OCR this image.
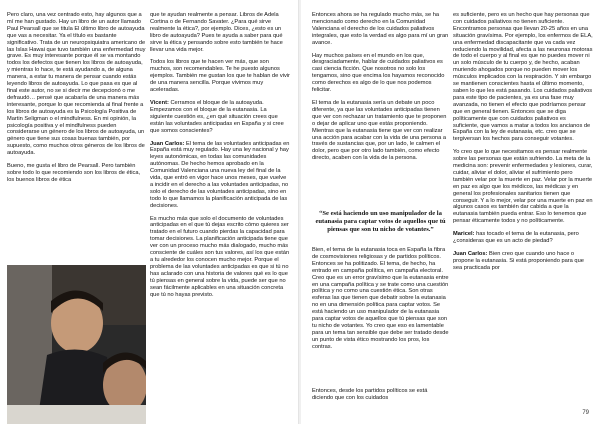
Pero claro, una vez centrado esto, hay algunos que a mí me han gustado. Hay un libro de un autor llamado Paul Pearsall que se titula El último libro de autoayuda que vas a necesitar. Ya el título es bastante significativo. Trata de un neuropsiquiatra americano de las Islas Hawai que tuvo también una enfermedad muy grave. Es muy interesante porque él se va montando todos los defectos que tienen los libros de autoayuda, y mientras lo hace, te está ayudando a, de alguna manera, a estar tu manera de pensar cuando estás leyendo libros de autoayuda. Lo que pasa es que al final este autor, no se si decir me decepcionó o me defraudó… pensé que acabaría de una manera más interesante, porque lo que recomienda al final frente a los libros de autoayuda es la Psicología Positiva de Martin Seligman o el mindfulness. En mi opinión, la psicología positiva y el mindfulness pueden considerarse un género de los libros de autoayuda, un género que tiene sus cosas buenas también, por supuesto, como muchos otros géneros de los libros de autoayuda.

Bueno, me gusta el libro de Pearsall. Pero también sobre todo lo que recomiendo son los libros de ética, los buenos libros de ética

que te ayudan realmente a pensar. Libros de Adela Cortina o de Fernando Savater. ¿Para qué sirve realmente la ética?, por ejemplo. Dices, ¿esto es un libro de autoayuda? Pues te ayuda a saber para qué sirve la ética y pensando sobre esto también te hace llevar una vida mejor.

Todos los libros que te hacen ver más, que son muchos, son recomendables. Te he puesto algunos ejemplos. También me gustan los que te hablan de vivir de una manera sencilla. Porque vivimos muy aceleradas.

Vicent: Cerramos el bloque de la autoayuda. Empezamos con el bloque de la eutanasia. La siguiente cuestión es, ¿en qué situación crees que están las voluntades anticipadas en España y si cree que somos conscientes?

Juan Carlos: El tema de las voluntades anticipadas en España está muy regulado. Hay una ley nacional y hay leyes autonómicas, en todas las comunidades autónomas. De hecho hemos aprobado en la Comunidad Valenciana una nueva ley del final de la vida, que entró en vigor hace unos meses, que vuelve a incidir en el derecho a las voluntades anticipadas, no solo el derecho de las voluntades anticipadas, sino en todo lo que llamamos la planificación anticipada de las decisiones.

Es mucho más que solo el documento de voluntades anticipadas en el que tú dejas escrito cómo quieres ser tratado en el futuro cuando pierdas la capacidad para tomar decisiones. La planificación anticipada tiene que ver con un proceso mucho más dialogado, mucho más consciente de cuáles son tus valores, así los que están a tu alrededor los conocen mucho mejor. Porque el problema de las voluntades anticipadas es que si tú no has aclarado con una historia de valores qué es lo que tú piensas en general sobre la vida, puede ser que no sean fácilmente aplicables en una situación concreta que tú no hayas previsto.

Entonces ahora se ha regulado mucho más, se ha mencionado como derecho en la Comunidad Valenciana el derecho de los cuidados paliativos integrales, que esto la verdad es algo para mí un gran avance.

Hay muchos países en el mundo en los que, desgraciadamente, hablar de cuidados paliativos es casi ciencia ficción. Que nosotros no solo los tengamos, sino que encima los hayamos reconocido como derechos es algo de lo que nos podemos felicitar.

El tema de la eutanasia sería un debate un poco diferente, ya que las voluntades anticipadas tienen que ver con rechazar un tratamiento que te proponen o dejar de aplicar uno que estás proponiendo. Mientras que la eutanasia tiene que ver con realizar una acción para acabar con la vida de una persona a través de sustancias que, por un lado, le calmen el dolor, pero que por otro lado también, como efecto directo, acaben con la vida de la persona.

“Se está haciendo un uso manipulador de la eutanasia para captar votos de aquellos que tú piensas que son tu nicho de votantes.”

Bien, el tema de la eutanasia toca en España la fibra de cosmovisiones religiosas y de partidos políticos. Entonces se ha politizado. El tema, de hecho, ha entrado en campaña política, en campaña electoral. Creo que es un error gravísimo que la eutanasia entre en una campaña política y se trate como una cuestión política y no como una cuestión ética. Son otras esferas las que tienen que debatir sobre la eutanasia no en una dimensión política para captar votos. Se está haciendo un uso manipulador de la eutanasia para captar votos de aquellos que tú piensas que son tu nicho de votantes. Yo creo que eso es lamentable para un tema tan sensible que debe ser tratado desde un punto de vista ético mostrando los pros, los contras.

Entonces, desde los partidos políticos se está diciendo que con los cuidados

es suficiente, pero es un hecho que hay personas que con cuidados paliativos no tienen suficiente. Encontramos personas que llevan 20-25 años en una situación gravísima. Por ejemplo, los enfermos de ELA, una enfermedad discapacitante que va cada vez reduciendo la movilidad, afecta a las neuronas motoras de todo el cuerpo y al final es que no puedes mover ni un solo músculo de tu cuerpo y, de hecho, acaban muriendo ahogados porque no pueden mover los músculos implicados con la respiración. Y sin embargo se mantienen conscientes hasta el último momento, saben lo que les está pasando. Los cuidados paliativos para este tipo de pacientes, ya es una fase muy avanzada, no tienen el efecto que podríamos pensar que en general tienen. Entonces que se diga políticamente que con cuidados paliativos es suficiente, que vamos a matar a todos los ancianos de España con la ley de eutanasia, etc. creo que se tergiversan los hechos para conseguir votantes.

Yo creo que lo que necesitamos es pensar realmente sobre las personas que están sufriendo. La meta de la medicina son: prevenir enfermedades y lesiones, curar, cuidar, aliviar el dolor, aliviar el sufrimiento pero también velar por la muerte en paz. Velar por la muerte en paz es algo que los médicos, las médicas y en general los profesionales sanitarios tienen que conseguir. Y a lo mejor, velar por una muerte en paz en algunos casos es también dar cabida a que la eutanasia también pueda entrar. Eso lo tenemos que pensar éticamente todos y no políticamente.

Maricel: has tocado el tema de la eutanasia, pero ¿consideras que es un acto de piedad?

Juan Carlos: Bien creo que cuando uno hace o propone la eutanasia. Si está proponiendo para que sea practicada por

79
